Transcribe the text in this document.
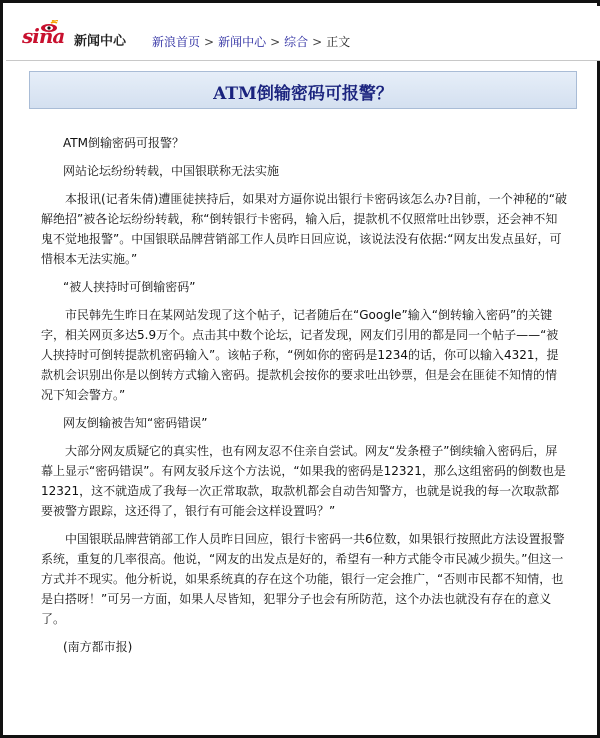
sina 新闻中心 新浪首页 > 新闻中心 > 综合 > 正文
ATM倒输密码可报警？

ATM倒输密码可报警？

网站论坛纷纷转载，中国银联称无法实施

本报讯(记者朱倩)遭匪徒挟持后，如果对方逼你说出银行卡密码该怎么办?目前，一个神秘的“破解绝招”被各论坛纷纷转载，称“倒转银行卡密码，输入后，提款机不仅照常吐出钞票，还会神不知鬼不觉地报警”。中国银联品牌营销部工作人员昨日回应说，该说法没有依据:“网友出发点虽好，可惜根本无法实施。”

“被人挟持时可倒输密码”

市民韩先生昨日在某网站发现了这个帖子，记者随后在“Google”输入“倒转输入密码”的关键字，相关网页多达5.9万个。点击其中数个论坛，记者发现，网友们引用的都是同一个帖子——“被人挟持时可倒转提款机密码输入”。该帖子称，“例如你的密码是1234的话，你可以输入4321，提款机会识别出你是以倒转方式输入密码。提款机会按你的要求吐出钞票，但是会在匪徒不知情的情况下知会警方。”

网友倒输被告知“密码错误”

大部分网友质疑它的真实性，也有网友忍不住亲自尝试。网友“发条橙子”倒续输入密码后，屏幕上显示“密码错误”。有网友驳斥这个方法说，“如果我的密码是12321，那么这组密码的倒数也是12321，这不就造成了我每一次正常取款，取款机都会自动告知警方，也就是说我的每一次取款都要被警方跟踪，这还得了，银行有可能会这样设置吗？”

中国银联品牌营销部工作人员昨日回应，银行卡密码一共6位数，如果银行按照此方法设置报警系统，重复的几率很高。他说，“网友的出发点是好的，希望有一种方式能令市民减少损失。”但这一方式并不现实。他分析说，如果系统真的存在这个功能，银行一定会推广，“否则市民都不知情，也是白搭呀！”可另一方面，如果人尽皆知，犯罪分子也会有所防范，这个办法也就没有存在的意义了。

(南方都市报)
